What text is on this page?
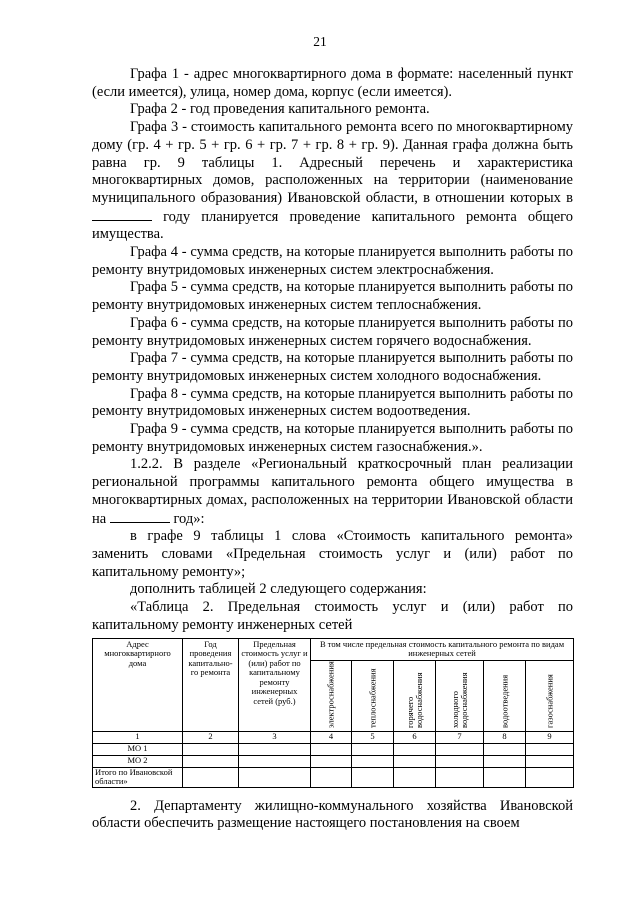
21

Графа 1 - адрес многоквартирного дома в формате: населенный пункт (если имеется), улица, номер дома, корпус (если имеется).

Графа 2 - год проведения капитального ремонта.

Графа 3 - стоимость капитального ремонта всего по многоквартирному дому (гр. 4 + гр. 5 + гр. 6 + гр. 7 + гр. 8 + гр. 9). Данная графа должна быть равна гр. 9 таблицы 1. Адресный перечень и характеристика многоквартирных домов, расположенных на территории (наименование муниципального образования) Ивановской области, в отношении которых в  году планируется проведение капитального ремонта общего имущества.

Графа 4 - сумма средств, на которые планируется выполнить работы по ремонту внутридомовых инженерных систем электроснабжения.

Графа 5 - сумма средств, на которые планируется выполнить работы по ремонту внутридомовых инженерных систем теплоснабжения.

Графа 6 - сумма средств, на которые планируется выполнить работы по ремонту внутридомовых инженерных систем горячего водоснабжения.

Графа 7 - сумма средств, на которые планируется выполнить работы по ремонту внутридомовых инженерных систем холодного водоснабжения.

Графа 8 - сумма средств, на которые планируется выполнить работы по ремонту внутридомовых инженерных систем водоотведения.

Графа 9 - сумма средств, на которые планируется выполнить работы по ремонту внутридомовых инженерных систем газоснабжения.».

1.2.2. В разделе «Региональный краткосрочный план реализации региональной программы капитального ремонта общего имущества в многоквартирных домах, расположенных на территории Ивановской области на	год»:

в графе 9 таблицы 1 слова «Стоимость капитального ремонта» заменить словами «Предельная стоимость услуг и (или) работ по капитальному ремонту»;

дополнить таблицей 2 следующего содержания:

«Таблица 2. Предельная стоимость услуг и (или) работ по капитальному ремонту инженерных сетей

Адрес многоквартирного дома	Год проведения капитально-го ремонта	Предельная стоимость услуг и (или) работ по капитальному ремонту инженерных сетей (руб.)	В том числе предельная стоимость капитального ремонта по видам инженерных сетей					

			электроснабжения	теплоснабжения	горячего водоснабжения	холодного водоснабжения	водоотведения	газоснабжения

1	2	3	4	5	6	7	8	9
МО 1								
МО 2								
Итого по Ивановской области»								

2. Департаменту жилищно-коммунального хозяйства Ивановской области обеспечить размещение настоящего постановления на своем
